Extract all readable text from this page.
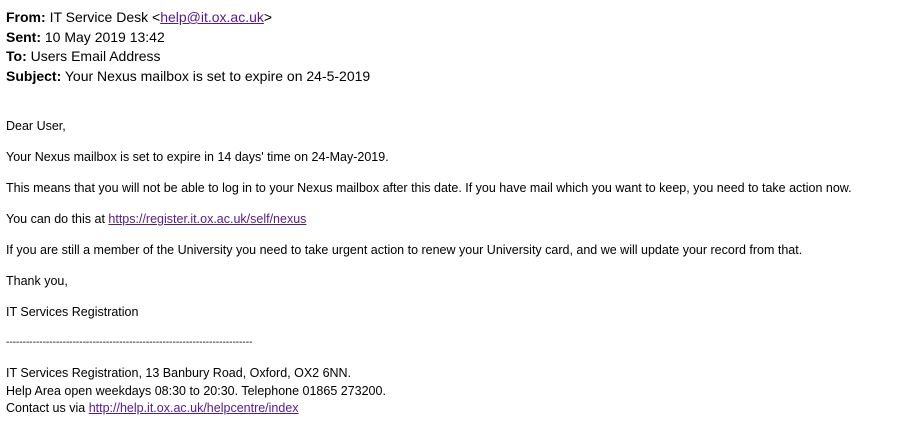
From: IT Service Desk <help@it.ox.ac.uk>
Sent: 10 May 2019 13:42
To: Users Email Address
Subject: Your Nexus mailbox is set to expire on 24-5-2019

Dear User,

Your Nexus mailbox is set to expire in 14 days' time on 24-May-2019.

This means that you will not be able to log in to your Nexus mailbox after this date. If you have mail which you want to keep, you need to take action now.

You can do this at https://register.it.ox.ac.uk/self/nexus

If you are still a member of the University you need to take urgent action to renew your University card, and we will update your record from that.

Thank you,

IT Services Registration

--------------------------------------------------------------------------

IT Services Registration, 13 Banbury Road, Oxford, OX2 6NN.
Help Area open weekdays 08:30 to 20:30. Telephone 01865 273200.
Contact us via http://help.it.ox.ac.uk/helpcentre/index
